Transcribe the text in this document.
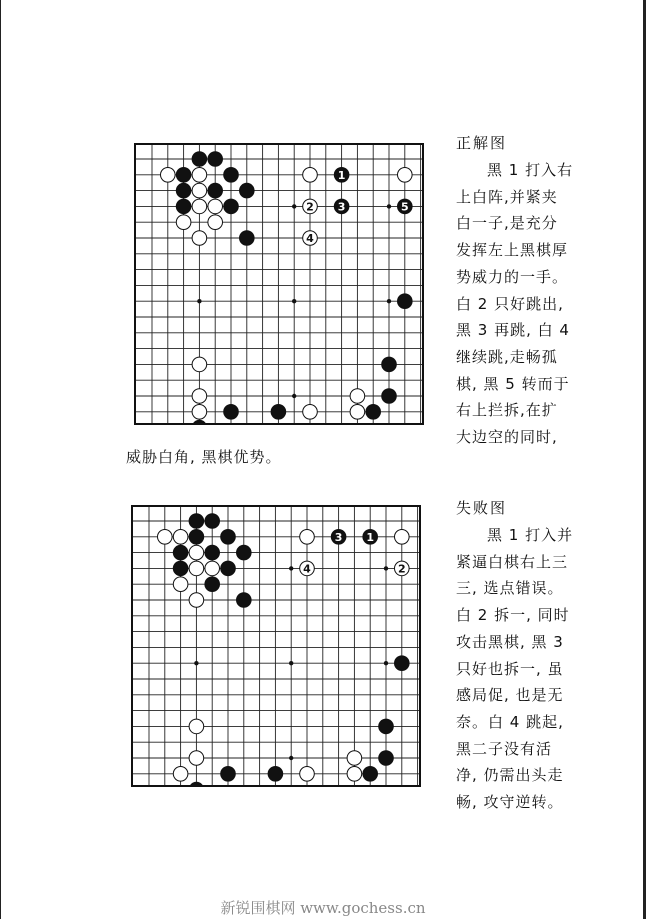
1
2 3
4
5
正解图
黑 1 打入右
上白阵,并紧夹
白一子,是充分
发挥左上黑棋厚
势威力的一手。
白 2 只好跳出,
黑 3 再跳, 白 4
继续跳,走畅孤
棋, 黑 5 转而于
右上拦拆,在扩
大边空的同时,
威胁白角, 黑棋优势。
1
2
3
4
失败图
黑 1 打入并
紧逼白棋右上三
三, 选点错误。
白 2 拆一, 同时
攻击黑棋, 黑 3
只好也拆一, 虽
感局促, 也是无
奈。白 4 跳起,
黑二子没有活
净, 仍需出头走
畅, 攻守逆转。
新锐围棋网 www.gochess.cn
